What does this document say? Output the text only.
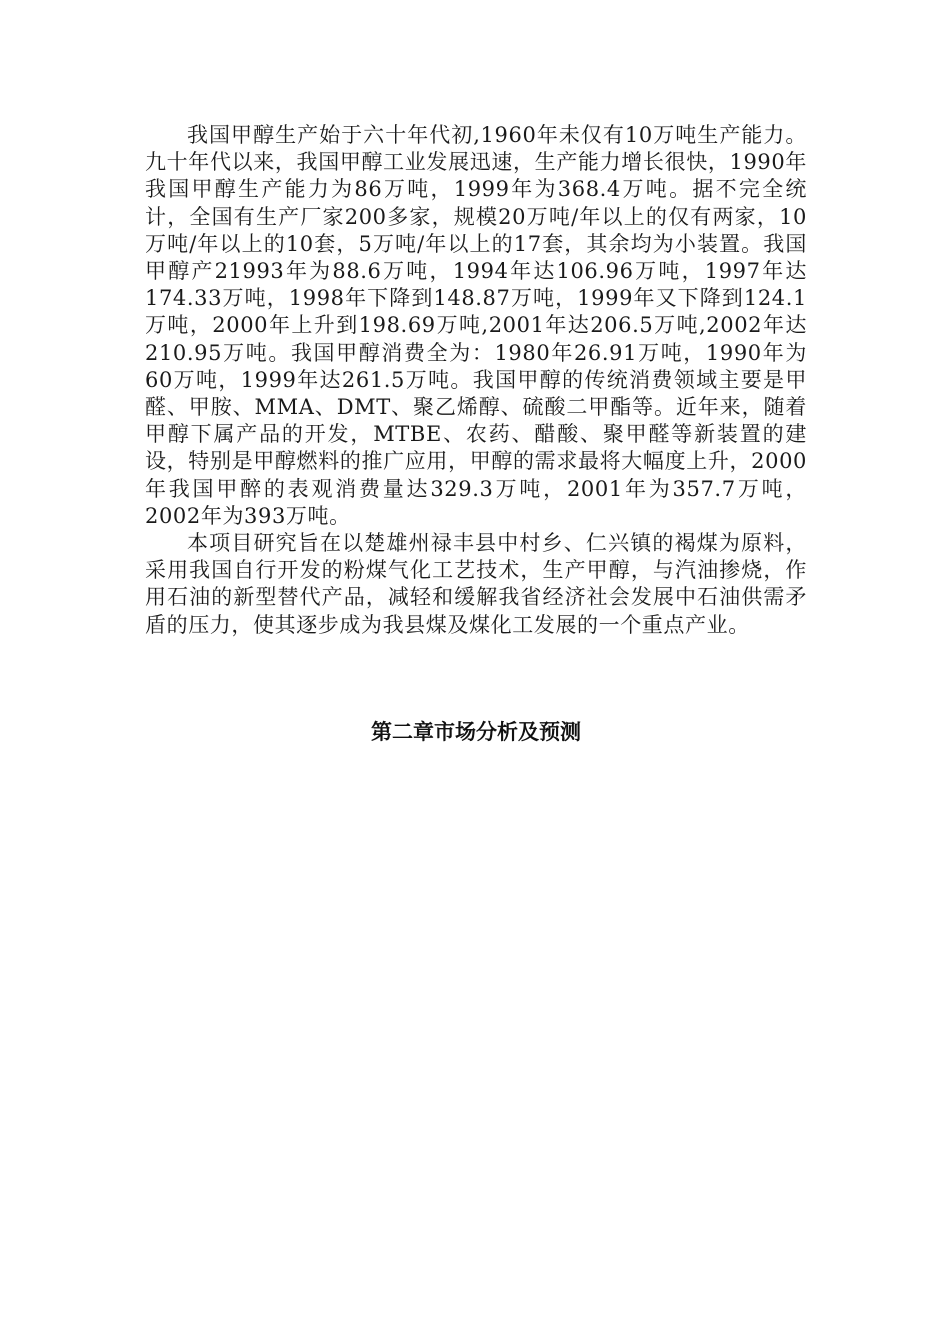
我国甲醇生产始于六十年代初,1960年未仅有10万吨生产能力。九十年代以来，我国甲醇工业发展迅速，生产能力增长很快，1990年我国甲醇生产能力为86万吨，1999年为368.4万吨。据不完全统计，全国有生产厂家200多家，规模20万吨/年以上的仅有两家，10万吨/年以上的10套，5万吨/年以上的17套，其余均为小装置。我国甲醇产21993年为88.6万吨，1994年达106.96万吨，1997年达174.33万吨，1998年下降到148.87万吨，1999年又下降到124.1万吨，2000年上升到198.69万吨,2001年达206.5万吨,2002年达210.95万吨。我国甲醇消费全为：1980年26.91万吨，1990年为60万吨，1999年达261.5万吨。我国甲醇的传统消费领域主要是甲醛、甲胺、MMA、DMT、聚乙烯醇、硫酸二甲酯等。近年来，随着甲醇下属产品的开发，MTBE、农药、醋酸、聚甲醛等新装置的建设，特别是甲醇燃料的推广应用，甲醇的需求最将大幅度上升，2000年我国甲醉的表观消费量达329.3万吨，2001年为357.7万吨，2002年为393万吨。

本项目研究旨在以楚雄州禄丰县中村乡、仁兴镇的褐煤为原料，采用我国自行开发的粉煤气化工艺技术，生产甲醇，与汽油掺烧，作用石油的新型替代产品，减轻和缓解我省经济社会发展中石油供需矛盾的压力，使其逐步成为我县煤及煤化工发展的一个重点产业。

第二章市场分析及预测
